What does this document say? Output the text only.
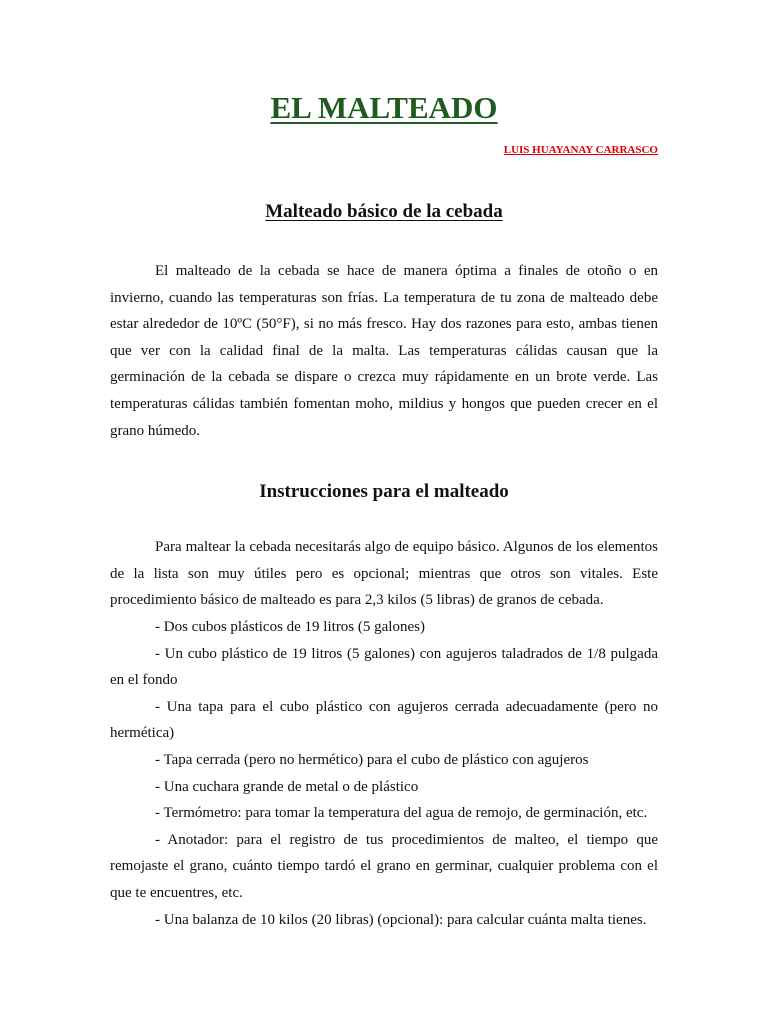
EL MALTEADO

LUIS HUAYANAY CARRASCO

Malteado básico de la cebada

El malteado de la cebada se hace de manera óptima a finales de otoño o en invierno, cuando las temperaturas son frías. La temperatura de tu zona de malteado debe estar alrededor de 10ºC (50°F), si no más fresco. Hay dos razones para esto, ambas tienen que ver con la calidad final de la malta. Las temperaturas cálidas causan que la germinación de la cebada se dispare o crezca muy rápidamente en un brote verde. Las temperaturas cálidas también fomentan moho, mildius y hongos que pueden crecer en el grano húmedo.

Instrucciones para el malteado

Para maltear la cebada necesitarás algo de equipo básico. Algunos de los elementos de la lista son muy útiles pero es opcional; mientras que otros son vitales. Este procedimiento básico de malteado es para 2,3 kilos (5 libras) de granos de cebada.

- Dos cubos plásticos de 19 litros (5 galones)
- Un cubo plástico de 19 litros (5 galones) con agujeros taladrados de 1/8 pulgada en el fondo
- Una tapa para el cubo plástico con agujeros cerrada adecuadamente (pero no hermética)
- Tapa cerrada (pero no hermético) para el cubo de plástico con agujeros
- Una cuchara grande de metal o de plástico
- Termómetro: para tomar la temperatura del agua de remojo, de germinación, etc.
- Anotador: para el registro de tus procedimientos de malteo, el tiempo que remojaste el grano, cuánto tiempo tardó el grano en germinar, cualquier problema con el que te encuentres, etc.
- Una balanza de 10 kilos (20 libras) (opcional): para calcular cuánta malta tienes.
